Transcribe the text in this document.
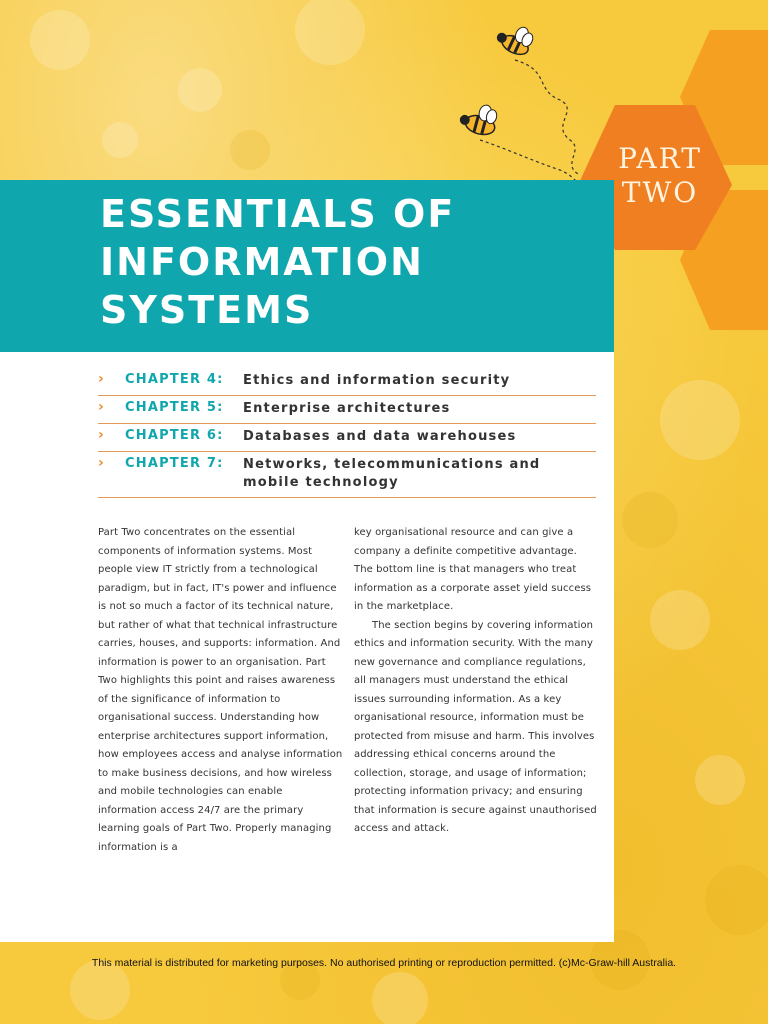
PART
TWO
ESSENTIALS OF
INFORMATION
SYSTEMS
› CHAPTER 4: Ethics and information security
› CHAPTER 5: Enterprise architectures
› CHAPTER 6: Databases and data warehouses
› CHAPTER 7: Networks, telecommunications and mobile technology

Part Two concentrates on the essential components of information systems. Most people view IT strictly from a technological paradigm, but in fact, IT's power and influence is not so much a factor of its technical nature, but rather of what that technical infrastructure carries, houses, and supports: information. And information is power to an organisation. Part Two highlights this point and raises awareness of the significance of information to organisational success. Understanding how enterprise architectures support information, how employees access and analyse information to make business decisions, and how wireless and mobile technologies can enable information access 24/7 are the primary learning goals of Part Two. Properly managing information is a

key organisational resource and can give a company a definite competitive advantage. The bottom line is that managers who treat information as a corporate asset yield success in the marketplace.

The section begins by covering information ethics and information security. With the many new governance and compliance regulations, all managers must understand the ethical issues surrounding information. As a key organisational resource, information must be protected from misuse and harm. This involves addressing ethical concerns around the collection, storage, and usage of information; protecting information privacy; and ensuring that information is secure against unauthorised access and attack.

This material is distributed for marketing purposes. No authorised printing or reproduction permitted. (c)Mc-Graw-hill Australia.
